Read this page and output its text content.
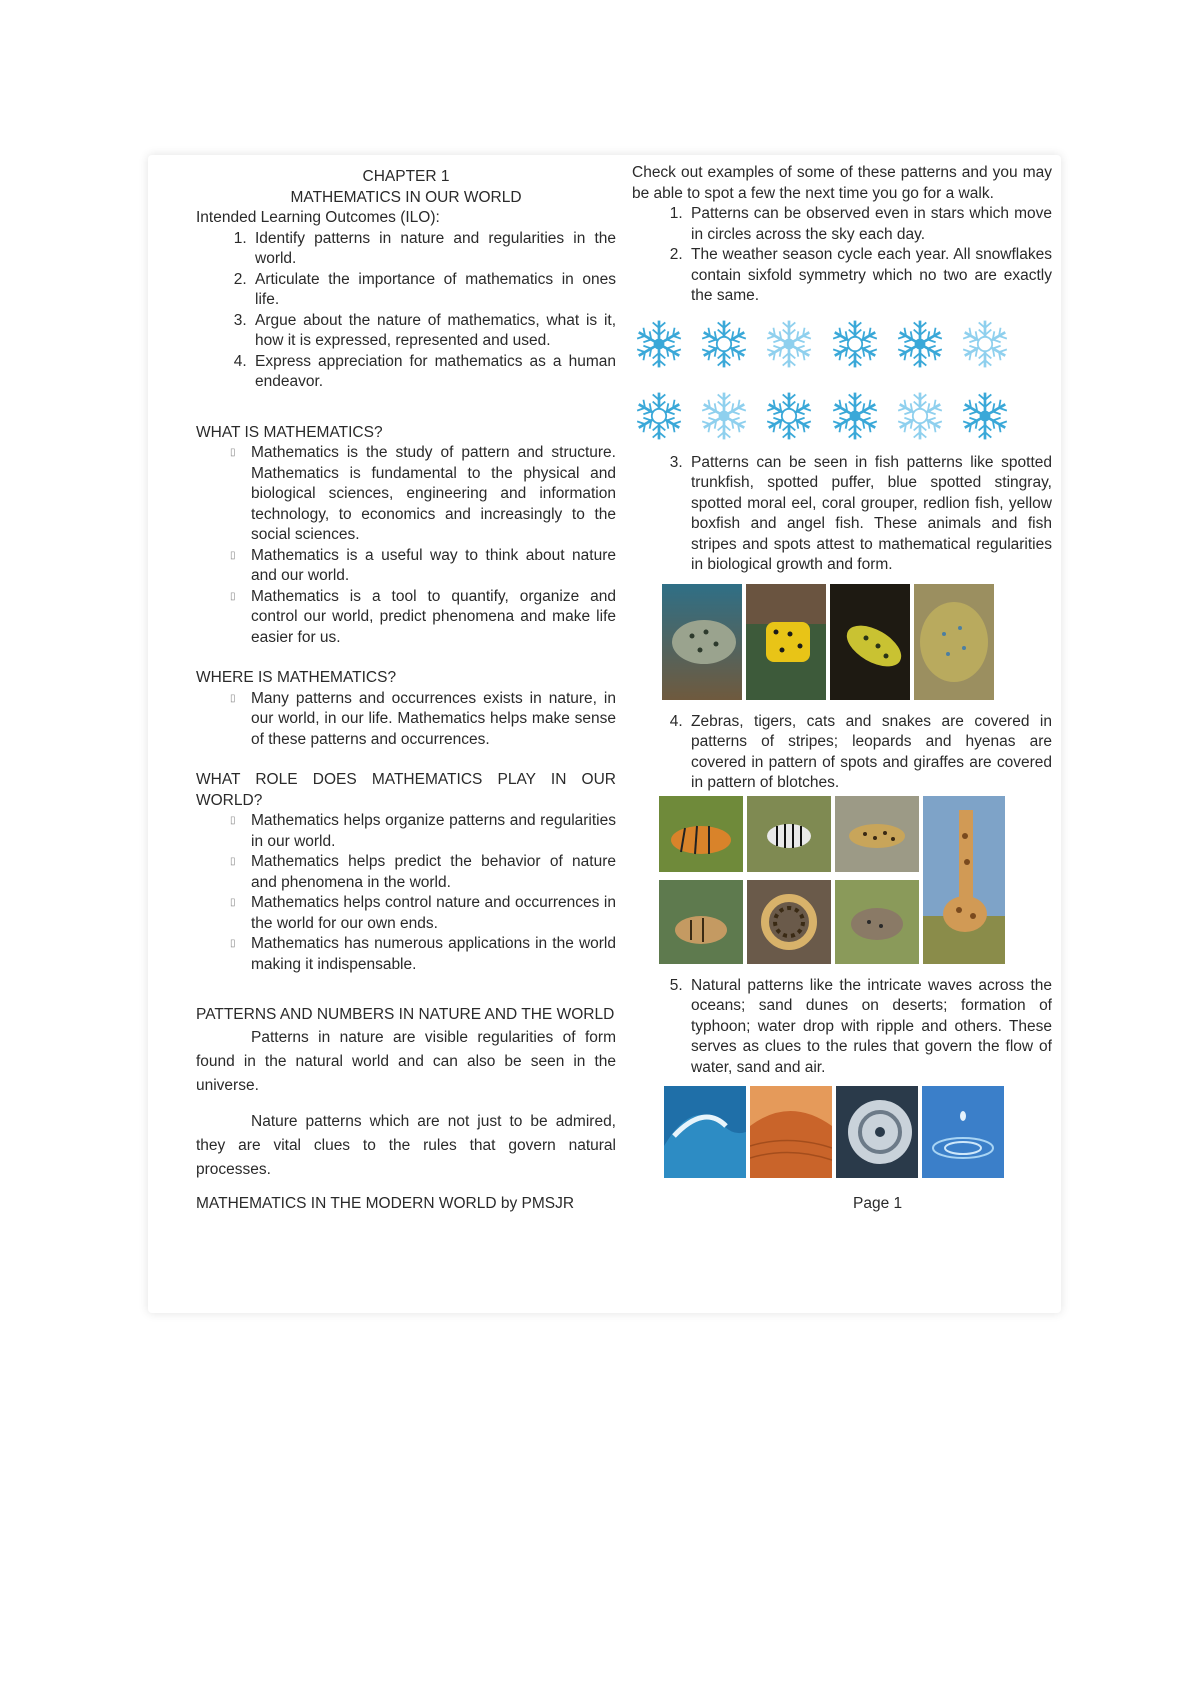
CHAPTER 1
MATHEMATICS IN OUR WORLD
Intended Learning Outcomes (ILO):
1. Identify patterns in nature and regularities in the world.
2. Articulate the importance of mathematics in ones life.
3. Argue about the nature of mathematics, what is it, how it is expressed, represented and used.
4. Express appreciation for mathematics as a human endeavor.
WHAT IS MATHEMATICS?
▯ Mathematics is the study of pattern and structure. Mathematics is fundamental to the physical and biological sciences, engineering and information technology, to economics and increasingly to the social sciences.
▯ Mathematics is a useful way to think about nature and our world.
▯ Mathematics is a tool to quantify, organize and control our world, predict phenomena and make life easier for us.
WHERE IS MATHEMATICS?
▯ Many patterns and occurrences exists in nature, in our world, in our life. Mathematics helps make sense of these patterns and occurrences.
WHAT ROLE DOES MATHEMATICS PLAY IN OUR WORLD?
▯ Mathematics helps organize patterns and regularities in our world.
▯ Mathematics helps predict the behavior of nature and phenomena in the world.
▯ Mathematics helps control nature and occurrences in the world for our own ends.
▯ Mathematics has numerous applications in the world making it indispensable.
PATTERNS AND NUMBERS IN NATURE AND THE WORLD

Patterns in nature are visible regularities of form found in the natural world and can also be seen in the universe.

Nature patterns which are not just to be admired, they are vital clues to the rules that govern natural processes.

Check out examples of some of these patterns and you may be able to spot a few the next time you go for a walk.

1. Patterns can be observed even in stars which move in circles across the sky each day.
2. The weather season cycle each year. All snowflakes contain sixfold symmetry which no two are exactly the same.
3. Patterns can be seen in fish patterns like spotted trunkfish, spotted puffer, blue spotted stingray, spotted moral eel, coral grouper, redlion fish, yellow boxfish and angel fish. These animals and fish stripes and spots attest to mathematical regularities in biological growth and form.
4. Zebras, tigers, cats and snakes are covered in patterns of stripes; leopards and hyenas are covered in pattern of spots and giraffes are covered in pattern of blotches.
5. Natural patterns like the intricate waves across the oceans; sand dunes on deserts; formation of typhoon; water drop with ripple and others. These serves as clues to the rules that govern the flow of water, sand and air.
MATHEMATICS IN THE MODERN WORLD by PMSJR	Page 1
